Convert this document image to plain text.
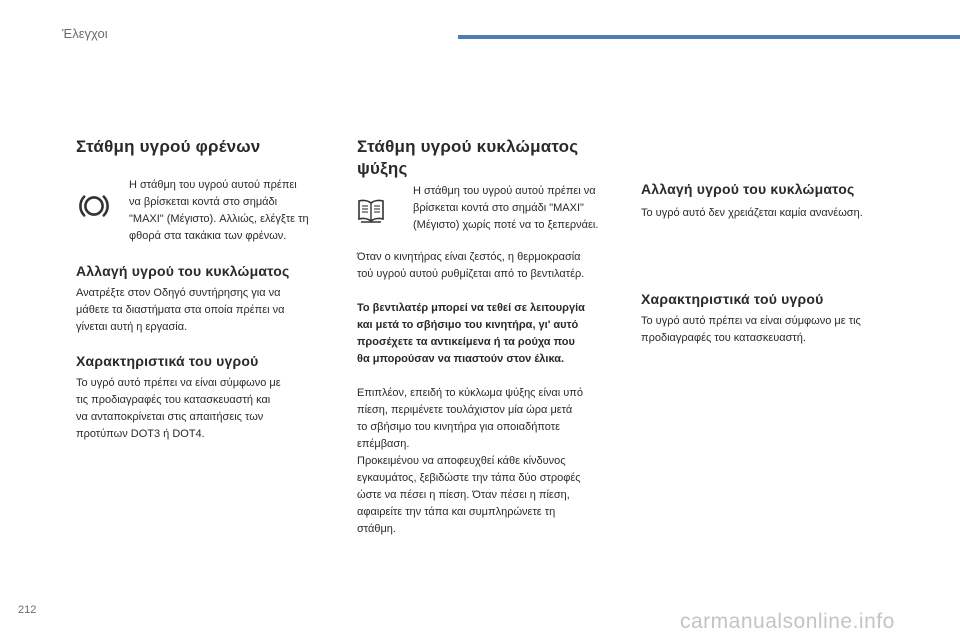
Έλεγχοι
Στάθμη υγρού φρένων

Η στάθμη του υγρού αυτού πρέπει

να βρίσκεται κοντά στο σημάδι

"MAXI" (Μέγιστο). Αλλιώς, ελέγξτε τη

φθορά στα τακάκια των φρένων.

Αλλαγή υγρού του κυκλώματος

Ανατρέξτε στον Οδηγό συντήρησης για να

μάθετε τα διαστήματα στα οποία πρέπει να

γίνεται αυτή η εργασία.

Χαρακτηριστικά του υγρού

Το υγρό αυτό πρέπει να είναι σύμφωνο με

τις προδιαγραφές του κατασκευαστή και

να ανταποκρίνεται στις απαιτήσεις των

προτύπων DOT3 ή DOT4.

Στάθμη υγρού κυκλώματος
ψύξης

Η στάθμη του υγρού αυτού πρέπει να

βρίσκεται κοντά στο σημάδι "MAXI"

(Μέγιστο) χωρίς ποτέ να το ξεπερνάει.

Όταν ο κινητήρας είναι ζεστός, η θερμοκρασία

τού υγρού αυτού ρυθμίζεται από το βεντιλατέρ.

Το βεντιλατέρ μπορεί να τεθεί σε λειτουργία

και μετά το σβήσιμο του κινητήρα, γι' αυτό

προσέχετε τα αντικείμενα ή τα ρούχα που

θα μπορούσαν να πιαστούν στον έλικα.

Επιπλέον, επειδή το κύκλωμα ψύξης είναι υπό

πίεση, περιμένετε τουλάχιστον μία ώρα μετά

το σβήσιμο του κινητήρα για οποιαδήποτε

επέμβαση.

Προκειμένου να αποφευχθεί κάθε κίνδυνος

εγκαυμάτος, ξεβιδώστε την τάπα δύο στροφές

ώστε να πέσει η πίεση. Όταν πέσει η πίεση,

αφαιρείτε την τάπα και συμπληρώνετε τη

στάθμη.

Αλλαγή υγρού του κυκλώματος

Το υγρό αυτό δεν χρειάζεται καμία ανανέωση.

Χαρακτηριστικά τού υγρού

Το υγρό αυτό πρέπει να είναι σύμφωνο με τις

προδιαγραφές του κατασκευαστή.

212	carmanualsonline.info
